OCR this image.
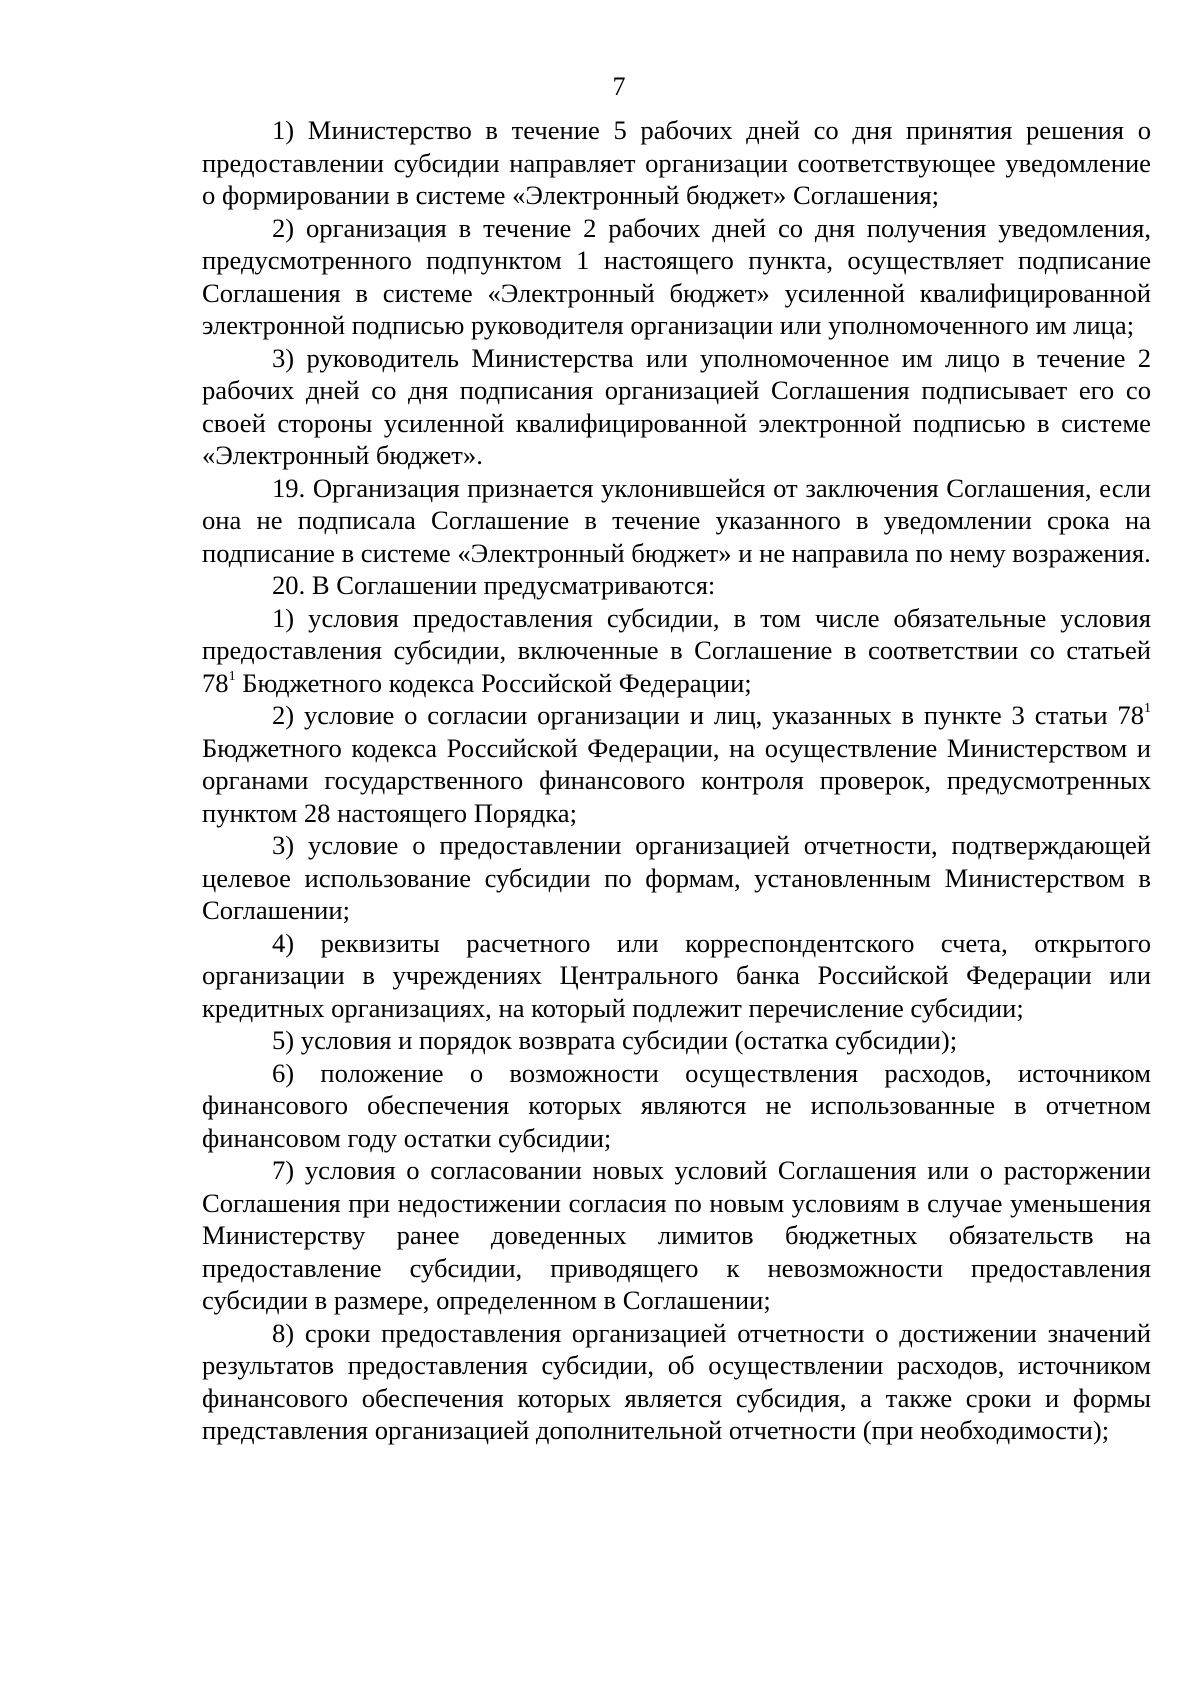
7

1) Министерство в течение 5 рабочих дней со дня принятия решения о предоставлении субсидии направляет организации соответствующее уведомление о формировании в системе «Электронный бюджет» Соглашения;

2) организация в течение 2 рабочих дней со дня получения уведомления, предусмотренного подпунктом 1 настоящего пункта, осуществляет подписание Соглашения в системе «Электронный бюджет» усиленной квалифицированной электронной подписью руководителя организации или уполномоченного им лица;

3) руководитель Министерства или уполномоченное им лицо в течение 2 рабочих дней со дня подписания организацией Соглашения подписывает его со своей стороны усиленной квалифицированной электронной подписью в системе «Электронный бюджет».

19. Организация признается уклонившейся от заключения Соглашения, если она не подписала Соглашение в течение указанного в уведомлении срока на подписание в системе «Электронный бюджет» и не направила по нему возражения.

20. В Соглашении предусматриваются:

1) условия предоставления субсидии, в том числе обязательные условия предоставления субсидии, включенные в Соглашение в соответствии со статьей $78^1$ Бюджетного кодекса Российской Федерации;

2) условие о согласии организации и лиц, указанных в пункте 3 статьи $78^1$ Бюджетного кодекса Российской Федерации, на осуществление Министерством и органами государственного финансового контроля проверок, предусмотренных пунктом 28 настоящего Порядка;

3) условие о предоставлении организацией отчетности, подтверждающей целевое использование субсидии по формам, установленным Министерством в Соглашении;

4) реквизиты расчетного или корреспондентского счета, открытого организации в учреждениях Центрального банка Российской Федерации или кредитных организациях, на который подлежит перечисление субсидии;

5) условия и порядок возврата субсидии (остатка субсидии);

6) положение о возможности осуществления расходов, источником финансового обеспечения которых являются не использованные в отчетном финансовом году остатки субсидии;

7) условия о согласовании новых условий Соглашения или о расторжении Соглашения при недостижении согласия по новым условиям в случае уменьшения Министерству ранее доведенных лимитов бюджетных обязательств на предоставление субсидии, приводящего к невозможности предоставления субсидии в размере, определенном в Соглашении;

8) сроки предоставления организацией отчетности о достижении значений результатов предоставления субсидии, об осуществлении расходов, источником финансового обеспечения которых является субсидия, а также сроки и формы представления организацией дополнительной отчетности (при необходимости);
